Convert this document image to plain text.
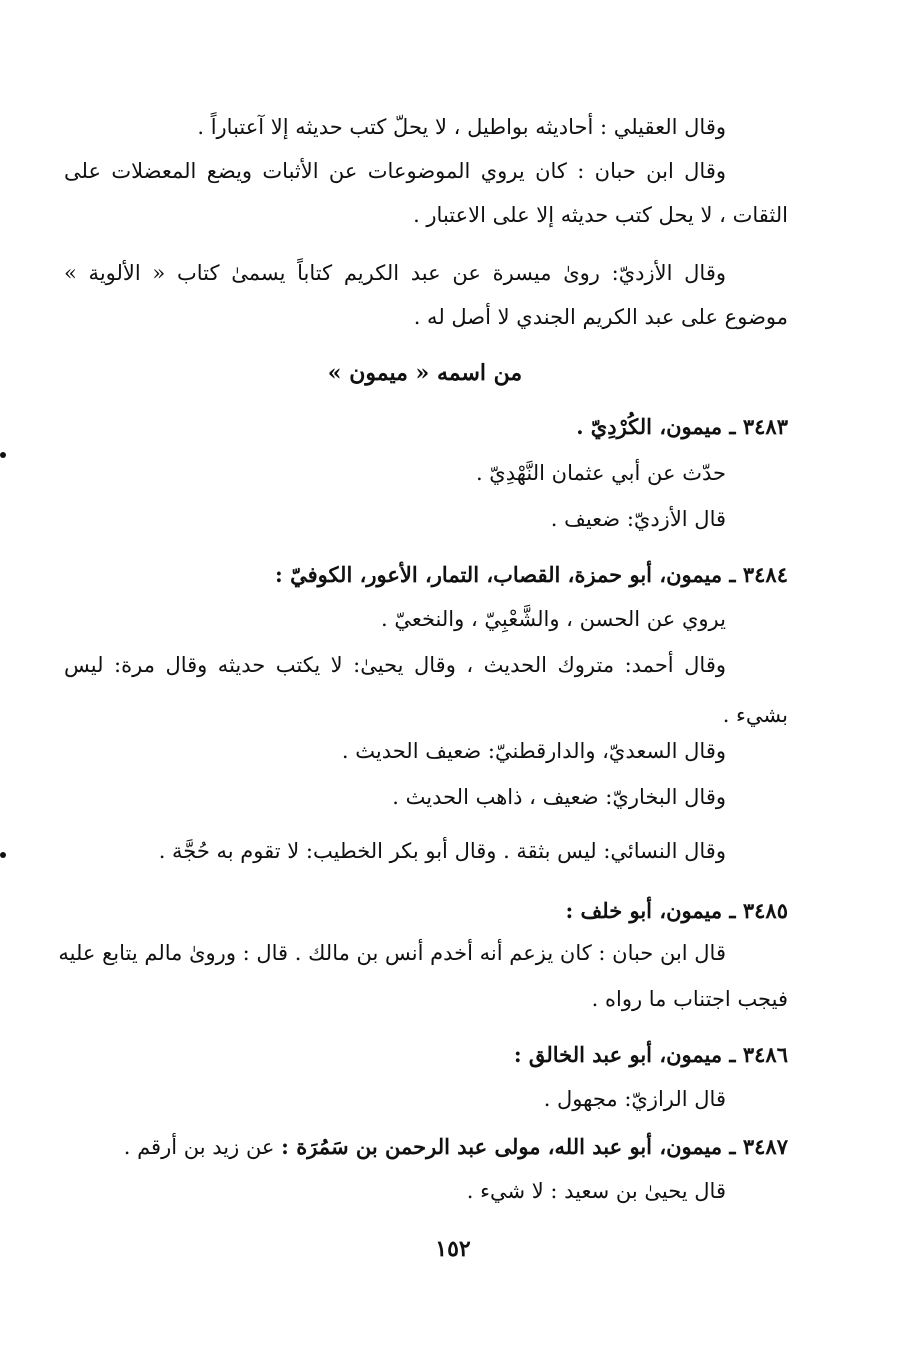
وقال العقيلي : أحاديثه بواطيل ، لا يحلّ كتب حديثه إلا آعتباراً .
وقال ابن حبان : كان يروي الموضوعات عن الأثبات ويضع المعضلات على
الثقات ، لا يحل كتب حديثه إلا على الاعتبار .
وقال الأزديّ: روىٰ ميسرة عن عبد الكريم كتاباً يسمىٰ كتاب « الألوية »
موضوع على عبد الكريم الجندي لا أصل له .
من اسمه « ميمون »
٣٤٨٣ ـ ميمون، الكُرْدِيّ .
حدّث عن أبي عثمان النَّهْدِيّ .
قال الأزديّ: ضعيف .
٣٤٨٤ ـ ميمون، أبو حمزة، القصاب، التمار، الأعور، الكوفيّ :
يروي عن الحسن ، والشَّعْبِيّ ، والنخعيّ .
وقال أحمد: متروك الحديث ، وقال يحيىٰ: لا يكتب حديثه وقال مرة: ليس
بشيء .
وقال السعديّ، والدارقطنيّ: ضعيف الحديث .
وقال البخاريّ: ضعيف ، ذاهب الحديث .
وقال النسائي: ليس بثقة . وقال أبو بكر الخطيب: لا تقوم به حُجَّة .
٣٤٨٥ ـ ميمون، أبو خلف :
قال ابن حبان : كان يزعم أنه أخدم أنس بن مالك . قال : وروىٰ مالم يتابع عليه
فيجب اجتناب ما رواه .
٣٤٨٦ ـ ميمون، أبو عبد الخالق :
قال الرازيّ: مجهول .
٣٤٨٧ ـ ميمون، أبو عبد الله، مولى عبد الرحمن بن سَمُرَة : عن زيد بن أرقم .
قال يحيىٰ بن سعيد : لا شيء .
١٥٢
